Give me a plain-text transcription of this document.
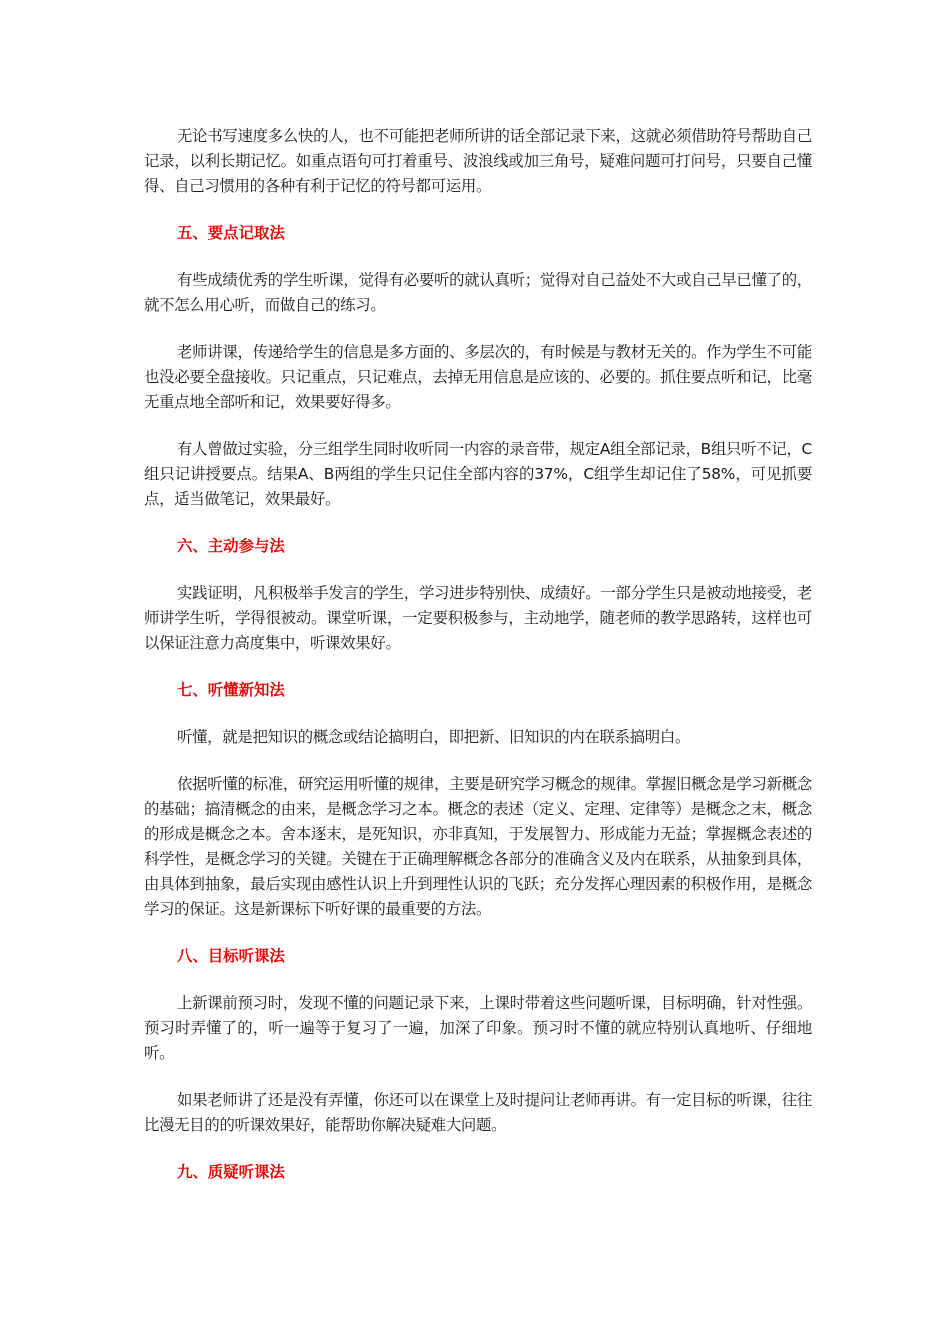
无论书写速度多么快的人，也不可能把老师所讲的话全部记录下来，这就必须借助符号帮助自己记录，以利长期记忆。如重点语句可打着重号、波浪线或加三角号，疑难问题可打问号，只要自己懂得、自己习惯用的各种有利于记忆的符号都可运用。

五、要点记取法

有些成绩优秀的学生听课，觉得有必要听的就认真听；觉得对自己益处不大或自己早已懂了的，就不怎么用心听，而做自己的练习。

老师讲课，传递给学生的信息是多方面的、多层次的，有时候是与教材无关的。作为学生不可能也没必要全盘接收。只记重点，只记难点，去掉无用信息是应该的、必要的。抓住要点听和记，比毫无重点地全部听和记，效果要好得多。

有人曾做过实验，分三组学生同时收听同一内容的录音带，规定A组全部记录，B组只听不记，C组只记讲授要点。结果A、B两组的学生只记住全部内容的37%，C组学生却记住了58%，可见抓要点，适当做笔记，效果最好。

六、主动参与法

实践证明，凡积极举手发言的学生，学习进步特别快、成绩好。一部分学生只是被动地接受，老师讲学生听，学得很被动。课堂听课，一定要积极参与，主动地学，随老师的教学思路转，这样也可以保证注意力高度集中，听课效果好。

七、听懂新知法

听懂，就是把知识的概念或结论搞明白，即把新、旧知识的内在联系搞明白。

依据听懂的标准，研究运用听懂的规律，主要是研究学习概念的规律。掌握旧概念是学习新概念的基础；搞清概念的由来，是概念学习之本。概念的表述（定义、定理、定律等）是概念之末，概念的形成是概念之本。舍本逐末，是死知识，亦非真知，于发展智力、形成能力无益；掌握概念表述的科学性，是概念学习的关键。关键在于正确理解概念各部分的准确含义及内在联系，从抽象到具体，由具体到抽象，最后实现由感性认识上升到理性认识的飞跃；充分发挥心理因素的积极作用，是概念学习的保证。这是新课标下听好课的最重要的方法。

八、目标听课法

上新课前预习时，发现不懂的问题记录下来，上课时带着这些问题听课，目标明确，针对性强。预习时弄懂了的，听一遍等于复习了一遍，加深了印象。预习时不懂的就应特别认真地听、仔细地听。

如果老师讲了还是没有弄懂，你还可以在课堂上及时提问让老师再讲。有一定目标的听课，往往比漫无目的的听课效果好，能帮助你解决疑难大问题。

九、质疑听课法
